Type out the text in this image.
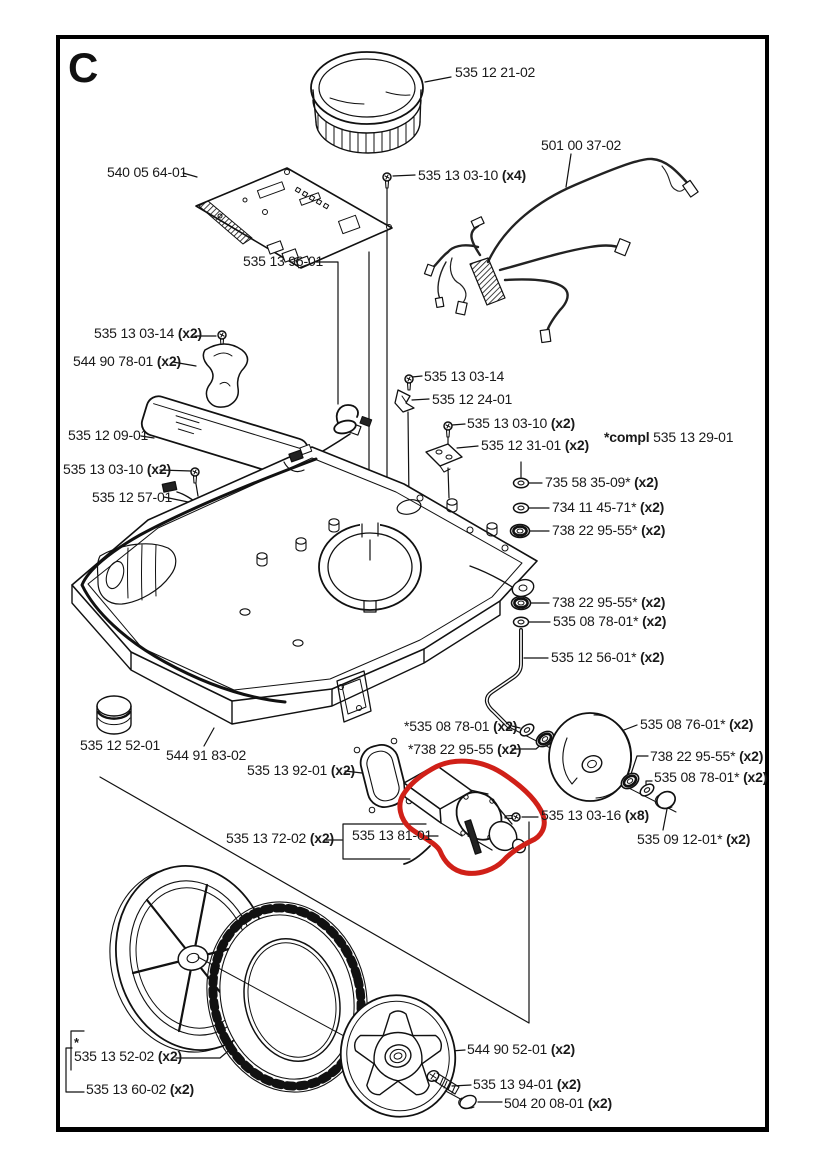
C	535 12 21-02
540 05 64-01	535 13 03-10 (x4)
501 00 37-02
535 13 96-01
535 13 03-14 (x2)
544 90 78-01 (x2)
535 12 09-01
535 13 03-10 (x2)
535 12 57-01
535 13 03-14
535 12 24-01
535 13 03-10 (x2)
535 12 31-01 (x2) *compl 535 13 29-01
735 58 35-09* (x2)
734 11 45-71* (x2)
738 22 95-55* (x2)
738 22 95-55* (x2)
535 08 78-01* (x2)
535 12 56-01* (x2)
535 12 52-01
544 91 83-02
535 13 92-01 (x2)
*535 08 78-01 (x2)
*738 22 95-55 (x2)
535 08 76-01* (x2)
738 22 95-55* (x2)
535 08 78-01* (x2)
535 13 03-16 (x8)
535 09 12-01* (x2)
535 13 72-02 (x2) 535 13 81-01
544 90 52-01 (x2)
535 13 94-01 (x2)
504 20 08-01 (x2)
*
535 13 52-02 (x2)
535 13 60-02 (x2)
